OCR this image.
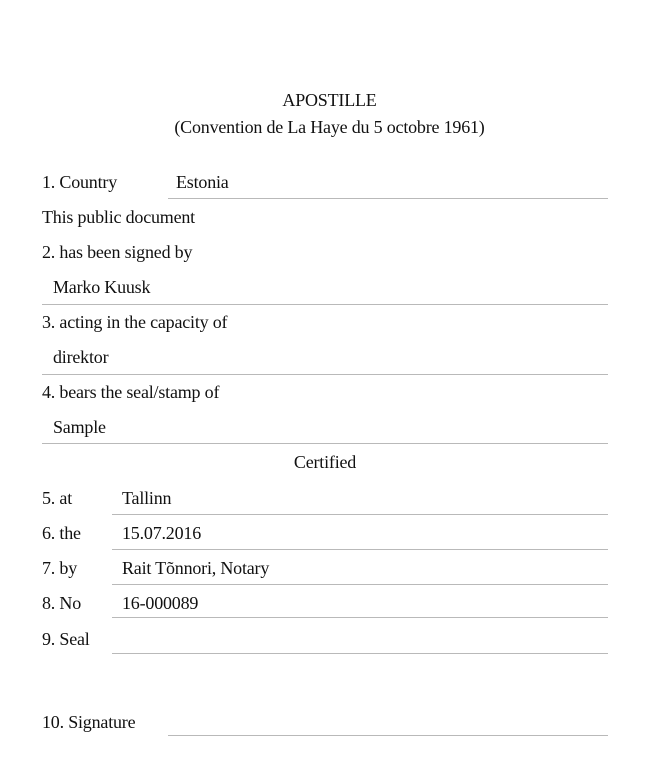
APOSTILLE
(Convention de La Haye du 5 octobre 1961)
1. Country	Estonia
This public document
2. has been signed by
Marko Kuusk
3. acting in the capacity of
direktor
4. bears the seal/stamp of
Sample
Certified
5. at	Tallinn
6. the 15.07.2016
7. by Rait Tõnnori, Notary
8. No 16-000089
9. Seal
10. Signature
